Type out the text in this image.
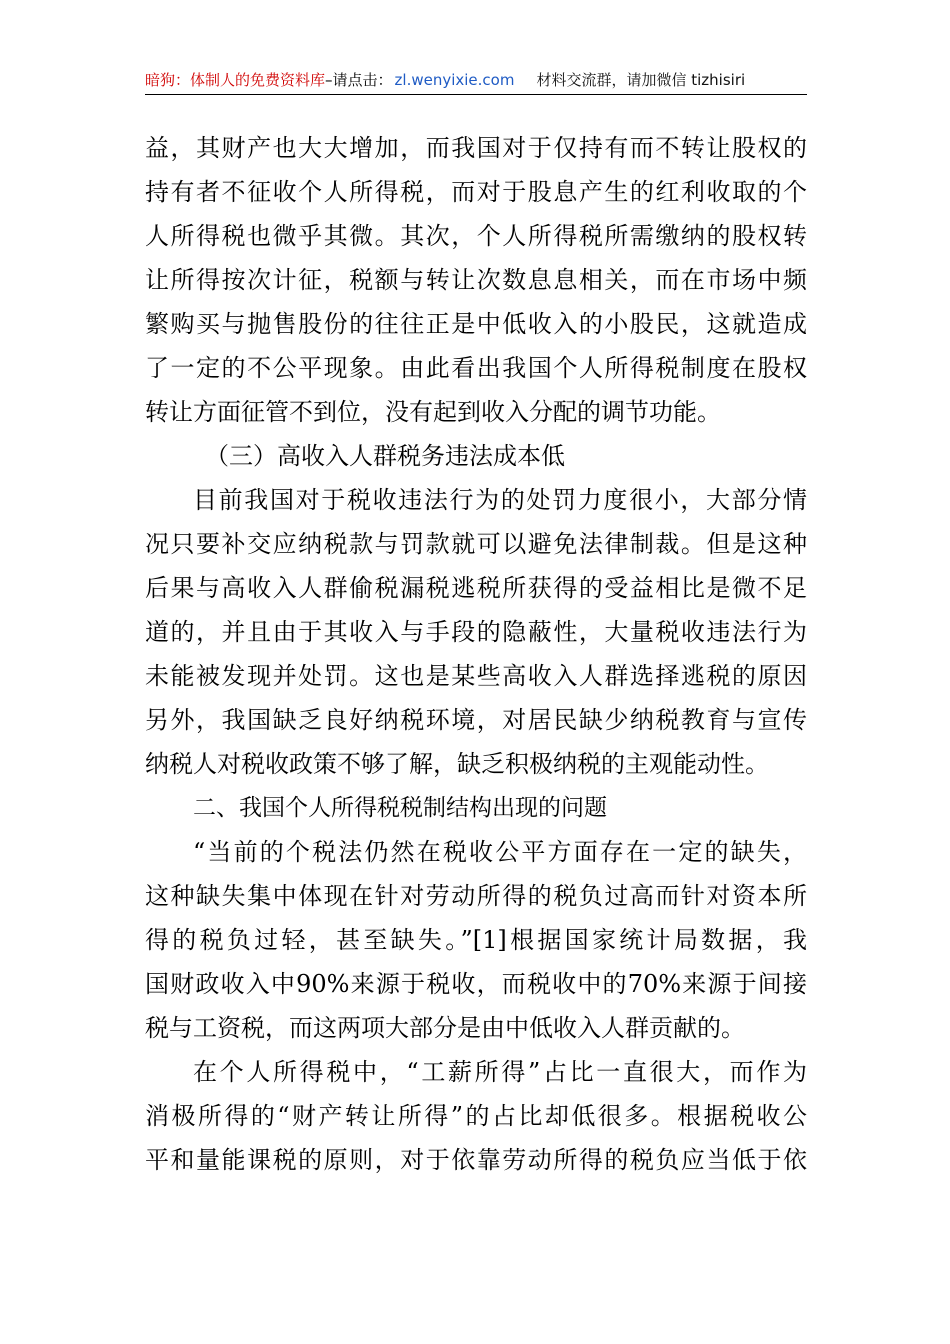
暗狗：体制人的免费资料库–请点击： zl.wenyixie.com 材料交流群，请加微信 tizhisiri
益，其财产也大大增加，而我国对于仅持有而不转让股权的
持有者不征收个人所得税，而对于股息产生的红利收取的个
人所得税也微乎其微。其次，个人所得税所需缴纳的股权转
让所得按次计征，税额与转让次数息息相关，而在市场中频
繁购买与抛售股份的往往正是中低收入的小股民，这就造成
了一定的不公平现象。由此看出我国个人所得税制度在股权
转让方面征管不到位，没有起到收入分配的调节功能。
（三）高收入人群税务违法成本低
目前我国对于税收违法行为的处罚力度很小，大部分情
况只要补交应纳税款与罚款就可以避免法律制裁。但是这种
后果与高收入人群偷税漏税逃税所获得的受益相比是微不足
道的，并且由于其收入与手段的隐蔽性，大量税收违法行为
未能被发现并处罚。这也是某些高收入人群选择逃税的原因
另外，我国缺乏良好纳税环境，对居民缺少纳税教育与宣传
纳税人对税收政策不够了解，缺乏积极纳税的主观能动性。
二、我国个人所得税税制结构出现的问题
“当前的个税法仍然在税收公平方面存在一定的缺失，
这种缺失集中体现在针对劳动所得的税负过高而针对资本所
得的税负过轻，甚至缺失。”[1]根据国家统计局数据，我
国财政收入中90%来源于税收，而税收中的70%来源于间接
税与工资税，而这两项大部分是由中低收入人群贡献的。
在个人所得税中，“工薪所得”占比一直很大，而作为
消极所得的“财产转让所得”的占比却低很多。根据税收公
平和量能课税的原则，对于依靠劳动所得的税负应当低于依
